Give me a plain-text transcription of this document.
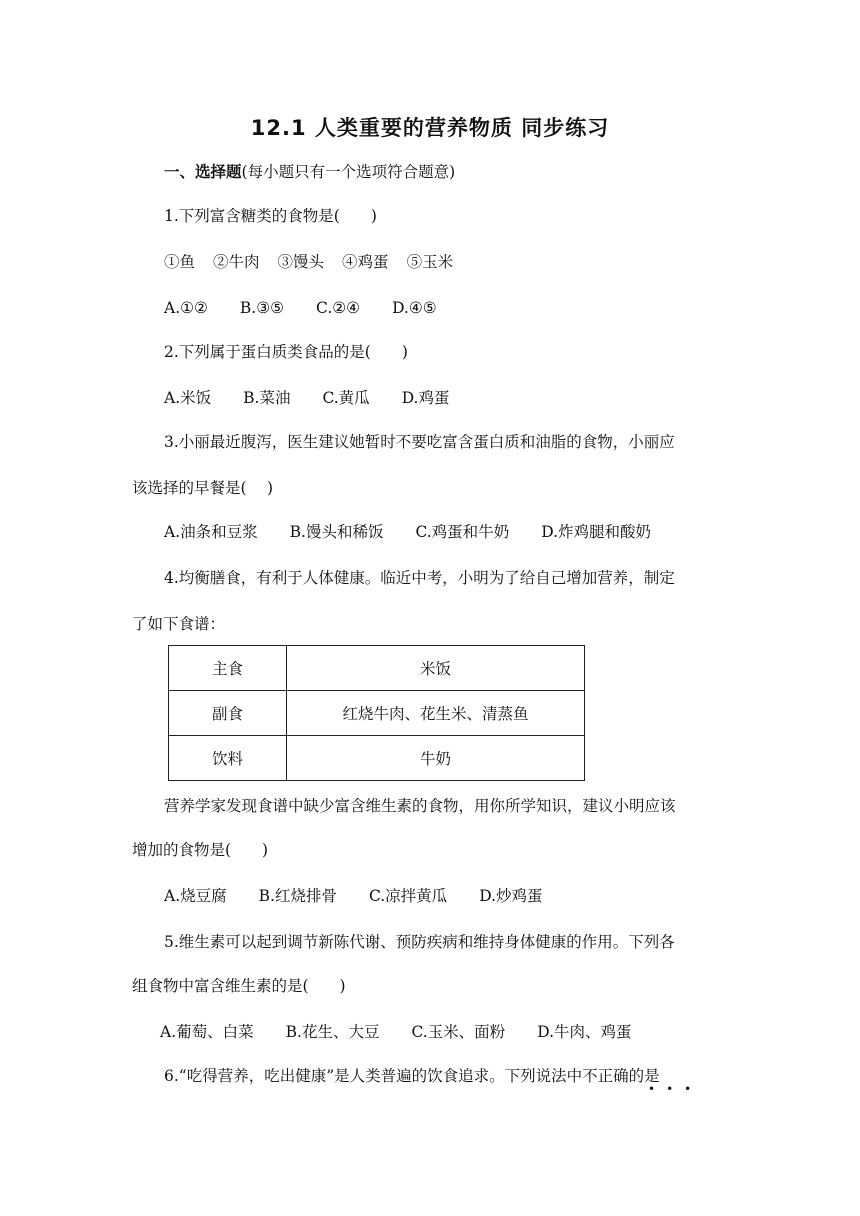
12.1 人类重要的营养物质 同步练习
一、选择题(每小题只有一个选项符合题意)
1.下列富含糖类的食物是(　　)
①鱼 ②牛肉 ③馒头 ④鸡蛋 ⑤玉米
A.①② B.③⑤ C.②④ D.④⑤
2.下列属于蛋白质类食品的是(　　)
A.米饭 B.菜油 C.黄瓜 D.鸡蛋
3.小丽最近腹泻，医生建议她暂时不要吃富含蛋白质和油脂的食物，小丽应
该选择的早餐是(　 )
A.油条和豆浆 B.馒头和稀饭 C.鸡蛋和牛奶 D.炸鸡腿和酸奶
4.均衡膳食，有利于人体健康。临近中考，小明为了给自己增加营养，制定
了如下食谱：
主食	米饭
副食	红烧牛肉、花生米、清蒸鱼
饮料	牛奶
营养学家发现食谱中缺少富含维生素的食物，用你所学知识，建议小明应该
增加的食物是(　　)
A.烧豆腐 B.红烧排骨 C.凉拌黄瓜 D.炒鸡蛋
5.维生素可以起到调节新陈代谢、预防疾病和维持身体健康的作用。下列各
组食物中富含维生素的是(　　)
A.葡萄、白菜 B.花生、大豆 C.玉米、面粉 D.牛肉、鸡蛋
6.“吃得营养，吃出健康”是人类普遍的饮食追求。下列说法中不正确的是
•••
